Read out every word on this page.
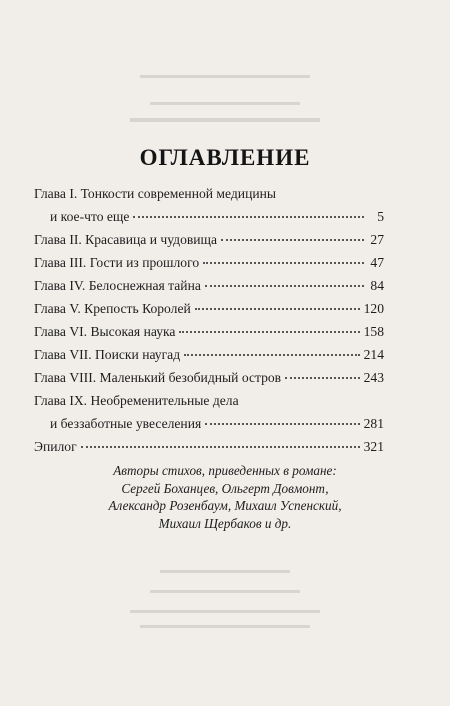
ОГЛАВЛЕНИЕ
Глава I. Тонкости современной медицины
и кое-что еще	5
Глава II. Красавица и чудовища	27
Глава III. Гости из прошлого	47
Глава IV. Белоснежная тайна	84
Глава V. Крепость Королей	120
Глава VI. Высокая наука	158
Глава VII. Поиски наугад	214
Глава VIII. Маленький безобидный остров	243
Глава IX. Необременительные дела
и беззаботные увеселения	281
Эпилог	321
Авторы стихов, приведенных в романе:
Сергей Боханцев, Ольгерт Довмонт,
Александр Розенбаум, Михаил Успенский,
Михаил Щербаков и др.
